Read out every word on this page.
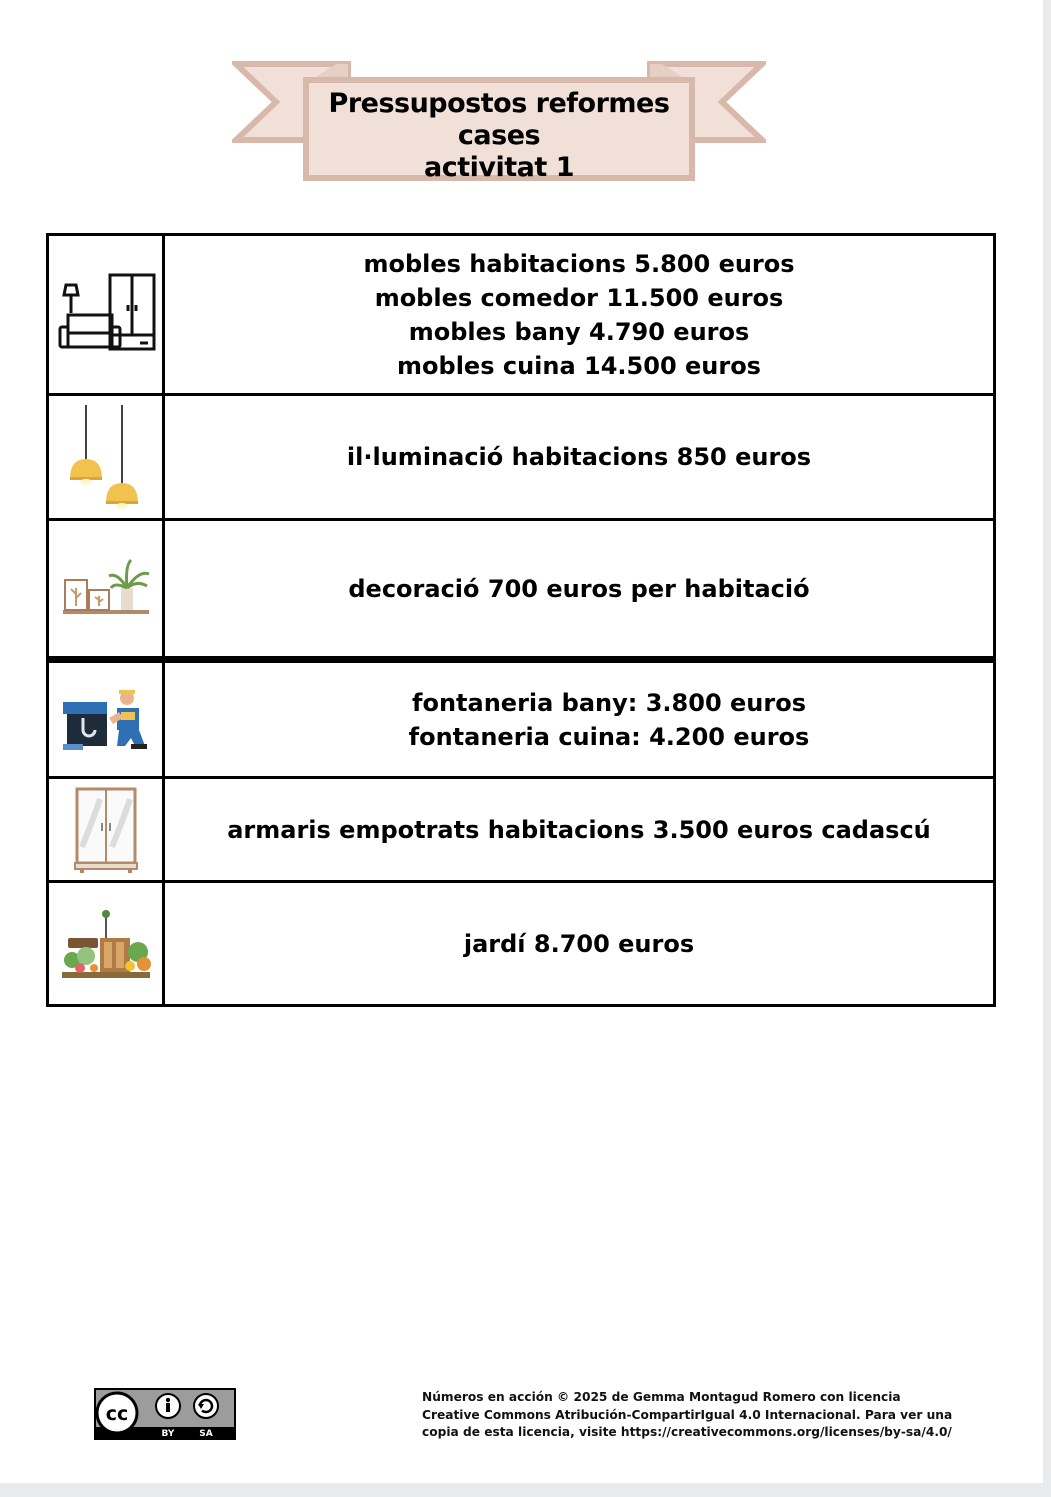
Pressupostos reformes cases
activitat 1

mobles habitacions 5.800 euros
mobles comedor 11.500 euros
mobles bany 4.790 euros
mobles cuina 14.500 euros

il·luminació habitacions 850 euros

decoració 700 euros per habitació

fontaneria bany: 3.800 euros
fontaneria cuina: 4.200 euros

armaris empotrats habitacions 3.500 euros cadascú

jardí 8.700 euros
cc
BY	SA
Números en acción © 2025 de Gemma Montagud Romero con licencia
Creative Commons Atribución-CompartirIgual 4.0 Internacional. Para ver una
copia de esta licencia, visite https://creativecommons.org/licenses/by-sa/4.0/
